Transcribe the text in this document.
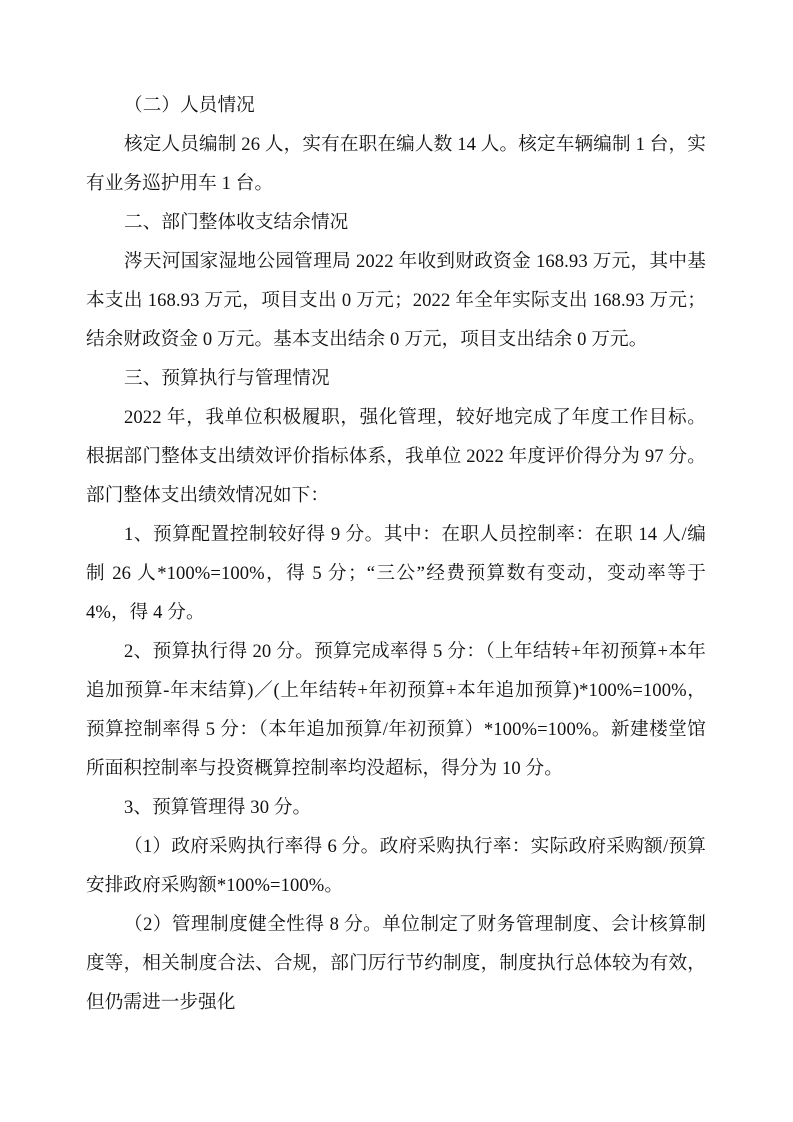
（二）人员情况

核定人员编制 26 人，实有在职在编人数 14 人。核定车辆编制 1 台，实有业务巡护用车 1 台。

二、部门整体收支结余情况

涔天河国家湿地公园管理局 2022 年收到财政资金 168.93 万元，其中基本支出 168.93 万元，项目支出 0 万元；2022 年全年实际支出 168.93 万元；结余财政资金 0 万元。基本支出结余 0 万元，项目支出结余 0 万元。

三、预算执行与管理情况

2022 年，我单位积极履职，强化管理，较好地完成了年度工作目标。根据部门整体支出绩效评价指标体系，我单位 2022 年度评价得分为 97 分。部门整体支出绩效情况如下：

1、预算配置控制较好得 9 分。其中：在职人员控制率：在职 14 人/编制 26 人*100%=100%，得 5 分；“三公”经费预算数有变动，变动率等于 4%，得 4 分。

2、预算执行得 20 分。预算完成率得 5 分：（上年结转+年初预算+本年追加预算-年末结算)／(上年结转+年初预算+本年追加预算)*100%=100%，预算控制率得 5 分：（本年追加预算/年初预算）*100%=100%。新建楼堂馆所面积控制率与投资概算控制率均没超标，得分为 10 分。

3、预算管理得 30 分。

（1）政府采购执行率得 6 分。政府采购执行率：实际政府采购额/预算安排政府采购额*100%=100%。

（2）管理制度健全性得 8 分。单位制定了财务管理制度、会计核算制度等，相关制度合法、合规，部门厉行节约制度，制度执行总体较为有效，但仍需进一步强化
